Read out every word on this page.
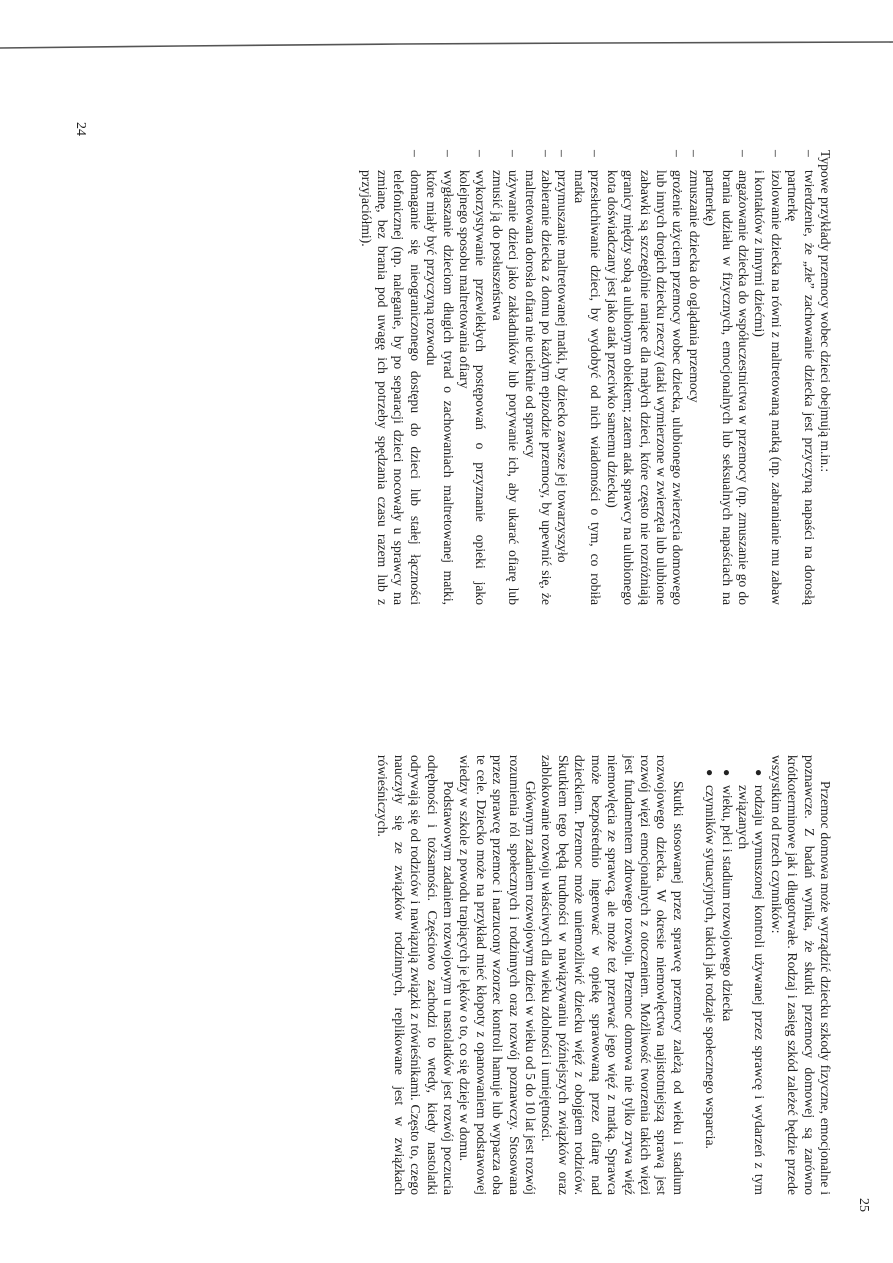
Typowe przykłady przemocy wobec dzieci obejmują m.in.:

–
twierdzenie, że „złe” zachowanie dziecka jest przyczyną napaści na dorosłą partnerkę
–
izolowanie dziecka na równi z maltretowaną matką (np. zabranianie mu zabaw i kontaktów z innymi dziećmi)
–
angażowanie dziecka do współuczestnictwa w przemocy (np. zmuszanie go do brania udziału w fizycznych, emocjonalnych lub seksualnych napaściach na partnerkę)
–
zmuszanie dziecka do oglądania przemocy
–
grożenie użyciem przemocy wobec dziecka, ulubionego zwierzęcia domowego lub innych drogich dziecku rzeczy (ataki wymierzone w zwierzęta lub ulubione zabawki są szczególnie raniące dla małych dzieci, które często nie rozróżniają granicy między sobą a ulubionym obiektem; zatem atak sprawcy na ulubionego kota doświadczany jest jako atak przeciwko samemu dziecku)
–
przesłuchiwanie dzieci, by wydobyć od nich wiadomości o tym, co robiła matka
–
przymuszanie maltretowanej matki, by dziecko zawsze jej towarzyszyło
–
zabieranie dziecka z domu po każdym epizodzie przemocy, by upewnić się, że maltretowana dorosła ofiara nie ucieknie od sprawcy
–
używanie dzieci jako zakładników lub porywanie ich, aby ukarać ofiarę lub zmusić ją do posłuszeństwa
–
wykorzystywanie przewlekłych postępowań o przyznanie opieki jako kolejnego sposobu maltretowania ofiary
–
wygłaszanie dzieciom długich tyrad o zachowaniach maltretowanej matki, które miały być przyczyną rozwodu
–
domaganie się nieograniczonego dostępu do dzieci lub stałej łączności telefonicznej (np. naleganie, by po separacji dzieci nocowały u sprawcy na zmianę, bez brania pod uwagę ich potrzeby spędzania czasu razem lub z przyjaciółmi).
24
25

Przemoc domowa może wyrządzić dziecku szkody fizyczne, emocjonalne i poznawcze. Z badań wynika, że skutki przemocy domowej są zarówno krótkoterminowe jak i długotrwałe. Rodzaj i zasięg szkód zależeć będzie przede wszystkim od trzech czynników:

●
rodzaju wymuszonej kontroli używanej przez sprawcę i wydarzeń z tym związanych
●
wieku, płci i stadium rozwojowego dziecka
●
czynników sytuacyjnych, takich jak rodzaje społecznego wsparcia.

Skutki stosowanej przez sprawcę przemocy zależą od wieku i stadium rozwojowego dziecka. W okresie niemowlęctwa najistotniejszą sprawą jest rozwój więzi emocjonalnych z otoczeniem. Możliwość tworzenia takich więzi jest fundamentem zdrowego rozwoju. Przemoc domowa nie tylko zrywa więź niemowlęcia ze sprawcą, ale może też przerwać jego więź z matką. Sprawca może bezpośrednio ingerować w opiekę sprawowaną przez ofiarę nad dzieckiem. Przemoc może uniemożliwić dziecku więź z obojgiem rodziców. Skutkiem tego będą trudności w nawiązywaniu późniejszych związków oraz zablokowanie rozwoju właściwych dla wieku zdolności i umiejętności.

Głównym zadaniem rozwojowym dzieci w wieku od 5 do 10 lat jest rozwój rozumienia ról społecznych i rodzinnych oraz rozwój poznawczy. Stosowana przez sprawcę przemoc i narzucony wzorzec kontroli hamuje lub wypacza oba te cele. Dziecko może na przykład mieć kłopoty z opanowaniem podstawowej wiedzy w szkole z powodu trapiących je lęków o to, co się dzieje w domu.

Podstawowym zadaniem rozwojowym u nastolatków jest rozwój poczucia odrębności i tożsamości. Częściowo zachodzi to wtedy, kiedy nastolatki odrywają się od rodziców i nawiązują związki z rówieśnikami. Często to, czego nauczyły się ze związków rodzinnych, replikowane jest w związkach rówieśniczych.
